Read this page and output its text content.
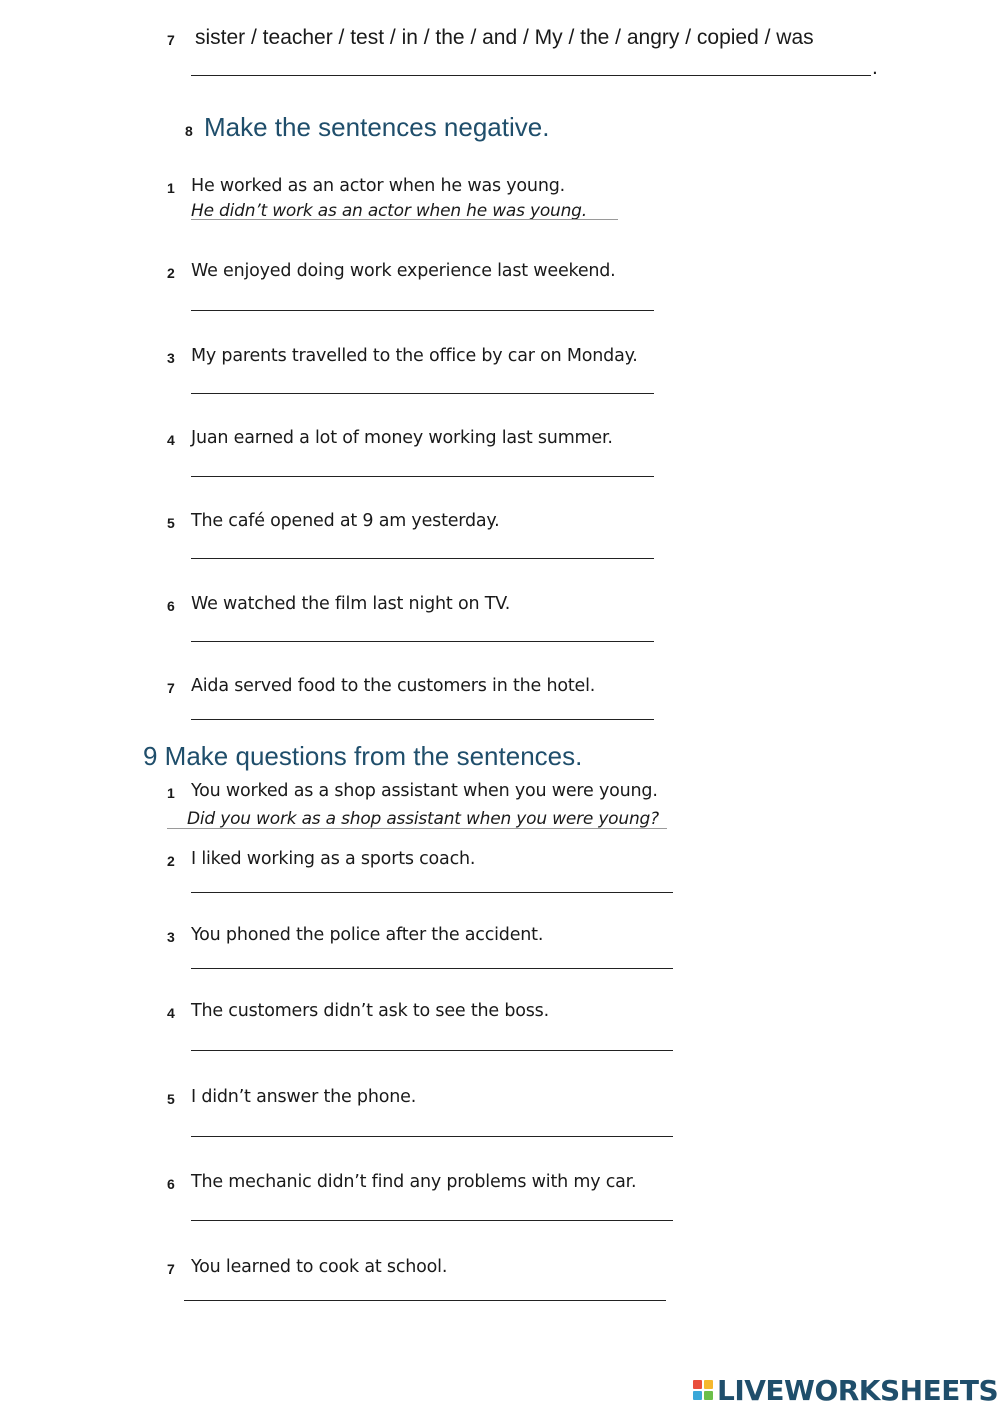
7 sister / teacher / test / in / the / and / My / the / angry / copied / was
.
8 Make the sentences negative.
1 He worked as an actor when he was young.
He didn’t work as an actor when he was young.
2 We enjoyed doing work experience last weekend.
3 My parents travelled to the office by car on Monday.
4 Juan earned a lot of money working last summer.
5 The café opened at 9 am yesterday.
6 We watched the film last night on TV.
7 Aida served food to the customers in the hotel.
9 Make questions from the sentences.
1 You worked as a shop assistant when you were young.
Did you work as a shop assistant when you were young?
2 I liked working as a sports coach.
3 You phoned the police after the accident.
4 The customers didn’t ask to see the boss.
5 I didn’t answer the phone.
6 The mechanic didn’t find any problems with my car.
7 You learned to cook at school.
LIVEWORKSHEETS
